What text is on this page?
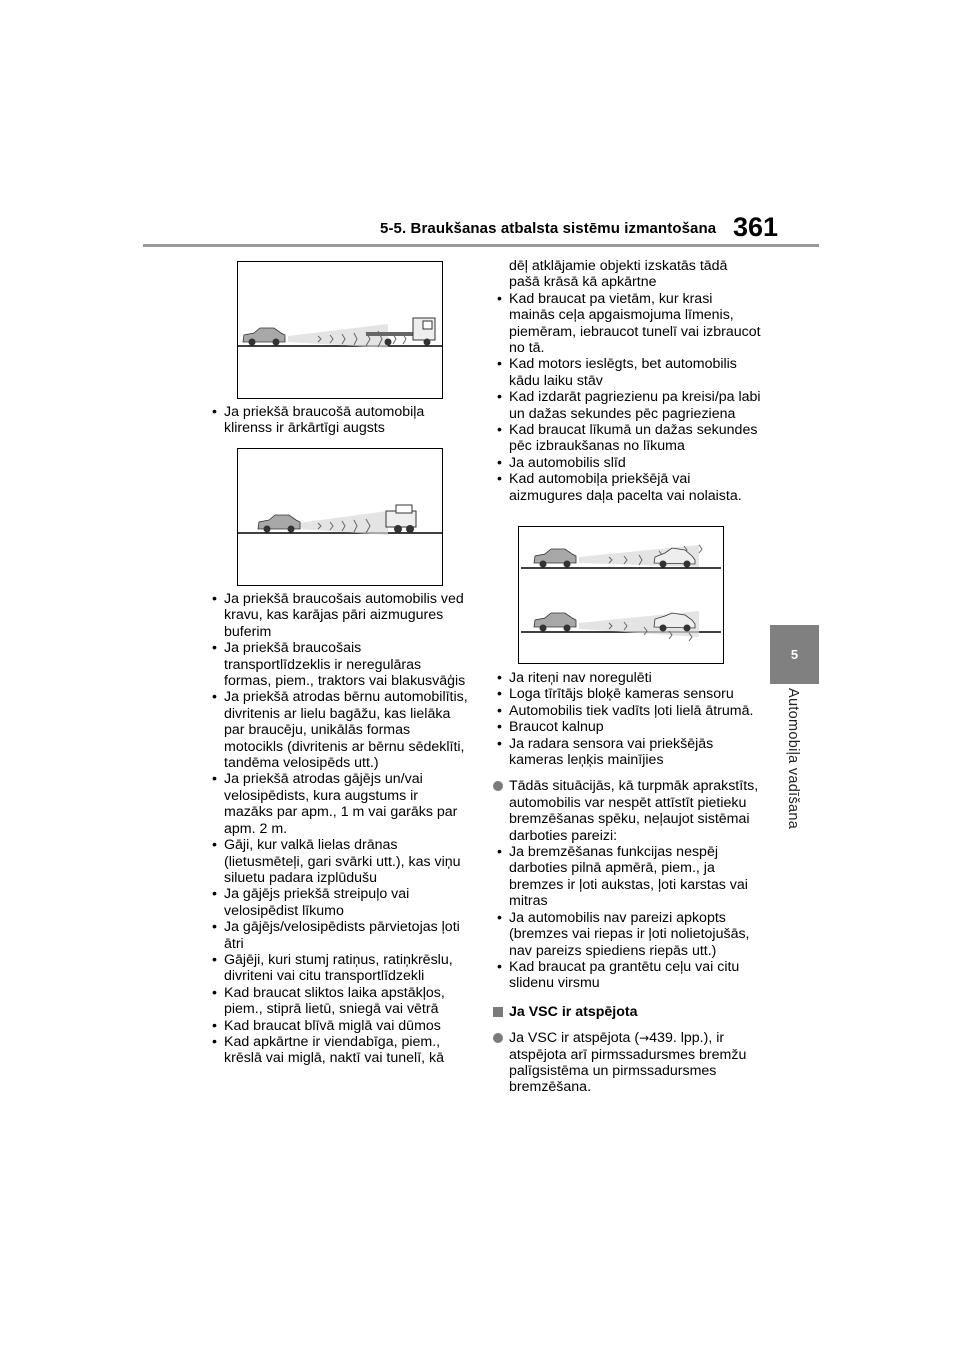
5-5. Braukšanas atbalsta sistēmu izmantošana 361
5
Automobiļa vadīšana
• Ja priekšā braucošā automobiļa klirenss ir ārkārtīgi augsts
• Ja priekšā braucošais automobilis ved kravu, kas karājas pāri aizmugures buferim
• Ja priekšā braucošais transportlīdzeklis ir neregulāras formas, piem., traktors vai blakusvāģis
• Ja priekšā atrodas bērnu automobilītis, divritenis ar lielu bagāžu, kas lielāka par braucēju, unikālās formas motocikls (divritenis ar bērnu sēdeklīti, tandēma velosipēds utt.)
• Ja priekšā atrodas gājējs un/vai velosipēdists, kura augstums ir mazāks par apm., 1 m vai garāks par apm. 2 m.
• Gāji, kur valkā lielas drānas (lietusmēteļi, gari svārki utt.), kas viņu siluetu padara izplūdušu
• Ja gājējs priekšā streipuļo vai velosipēdist līkumo
• Ja gājējs/velosipēdists pārvietojas ļoti ātri
• Gājēji, kuri stumj ratiņus, ratiņkrēslu, divriteni vai citu transportlīdzekli
• Kad braucat sliktos laika apstākļos, piem., stiprā lietū, sniegā vai vētrā
• Kad braucat blīvā miglā vai dūmos
• Kad apkārtne ir viendabīga, piem., krēslā vai miglā, naktī vai tunelī, kā
dēļ atklājamie objekti izskatās tādā pašā krāsā kā apkārtne
• Kad braucat pa vietām, kur krasi mainās ceļa apgaismojuma līmenis, piemēram, iebraucot tunelī vai izbraucot no tā.
• Kad motors ieslēgts, bet automobilis kādu laiku stāv
• Kad izdarāt pagriezienu pa kreisi/pa labi un dažas sekundes pēc pagrieziena
• Kad braucat līkumā un dažas sekundes pēc izbraukšanas no līkuma
• Ja automobilis slīd
• Kad automobiļa priekšējā vai aizmugures daļa pacelta vai nolaista.
• Ja riteņi nav noregulēti
• Loga tīrītājs bloķē kameras sensoru
• Automobilis tiek vadīts ļoti lielā ātrumā.
• Braucot kalnup
• Ja radara sensora vai priekšējās kameras leņķis mainījies
Tādās situācijās, kā turpmāk aprakstīts, automobilis var nespēt attīstīt pietieku bremzēšanas spēku, neļaujot sistēmai darboties pareizi:
• Ja bremzēšanas funkcijas nespēj darboties pilnā apmērā, piem., ja bremzes ir ļoti aukstas, ļoti karstas vai mitras
• Ja automobilis nav pareizi apkopts (bremzes vai riepas ir ļoti nolietojušās, nav pareizs spiediens riepās utt.)
• Kad braucat pa grantētu ceļu vai citu slidenu virsmu
Ja VSC ir atspējota
Ja VSC ir atspējota (→439. lpp.), ir atspējota arī pirmssadursmes bremžu palīgsistēma un pirmssadursmes bremzēšana.
